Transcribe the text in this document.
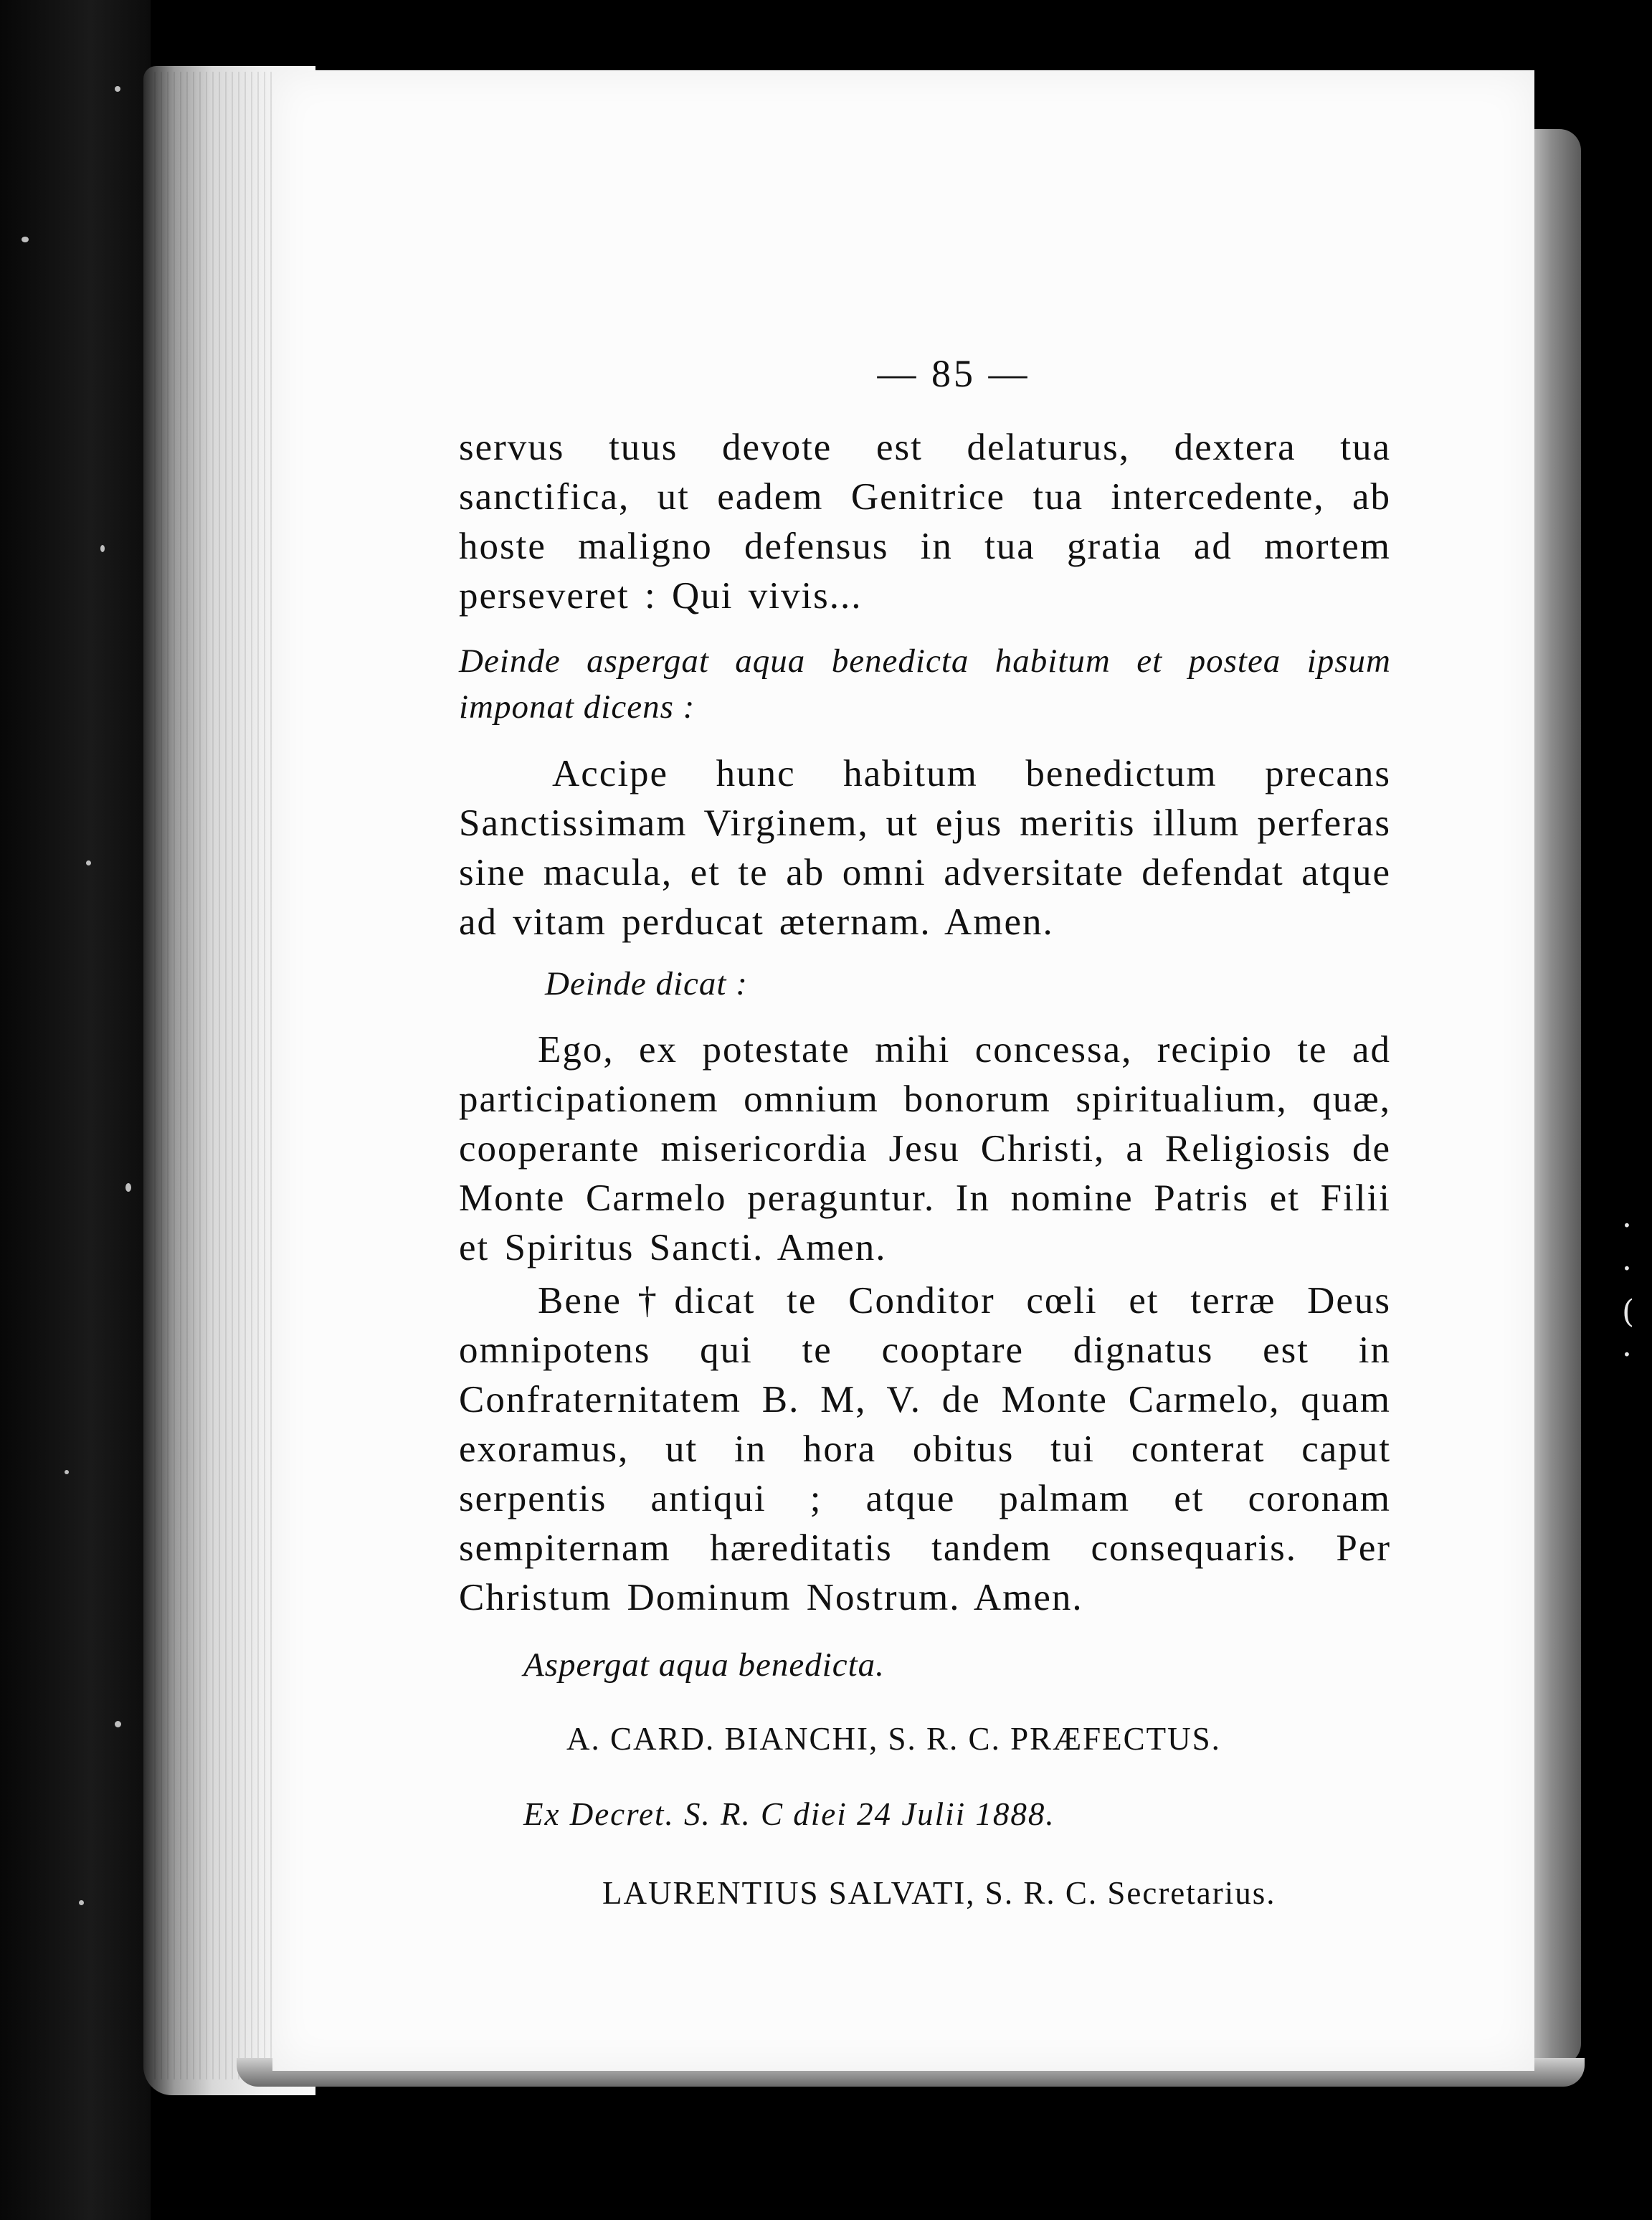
— 85 —

servus tuus devote est delaturus, dextera tua sanctifica, ut eadem Genitrice tua intercedente, ab hoste maligno defensus in tua gratia ad mortem perseveret : Qui vivis...

Deinde aspergat aqua benedicta habitum et postea ipsum imponat dicens :

Accipe hunc habitum benedictum precans Sanctissimam Virginem, ut ejus meritis illum perferas sine macula, et te ab omni adversitate defendat atque ad vitam perducat æternam. Amen.

Deinde dicat :

Ego, ex potestate mihi concessa, recipio te ad participationem omnium bonorum spiritualium, quæ, cooperante misericordia Jesu Christi, a Religiosis de Monte Carmelo peraguntur. In nomine Patris et Filii et Spiritus Sancti. Amen.

Bene†dicat te Conditor cœli et terræ Deus omnipotens qui te cooptare dignatus est in Confraternitatem B. M, V. de Monte Carmelo, quam exoramus, ut in hora obitus tui conterat caput serpentis antiqui ; atque palmam et coronam sempiternam hæreditatis tandem consequaris. Per Christum Dominum Nostrum. Amen.

Aspergat aqua benedicta.

A. CARD. BIANCHI, S. R. C. PRÆFECTUS.

Ex Decret. S. R. C diei 24 Julii 1888.

LAURENTIUS SALVATI, S. R. C. Secretarius.

·
·
(
·
